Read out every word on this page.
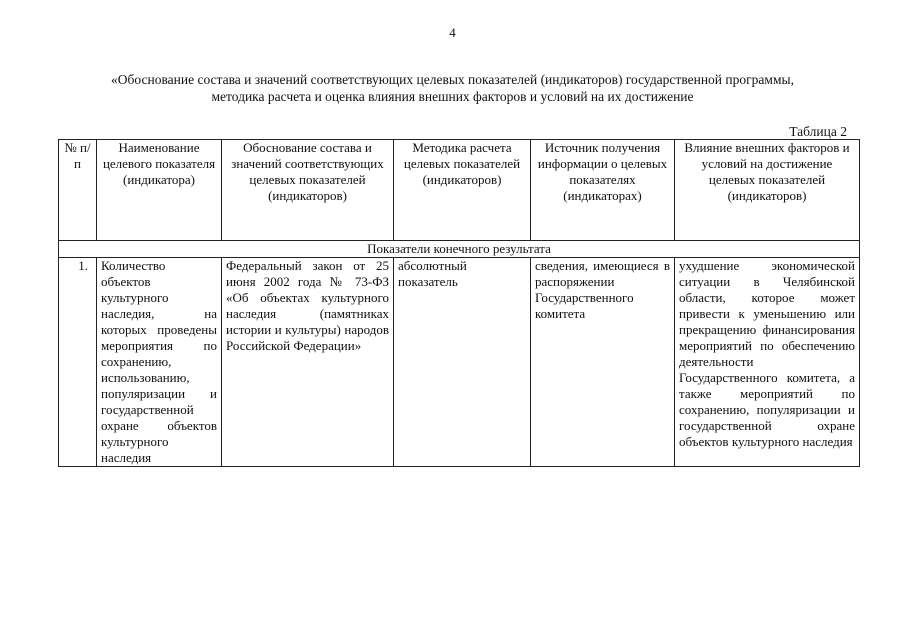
4
«Обоснование состава и значений соответствующих целевых показателей (индикаторов) государственной программы,
методика расчета и оценка влияния внешних факторов и условий на их достижение
Таблица 2
№ п/п	Наименование целевого показателя (индикатора)	Обоснование состава и значений соответствующих целевых показателей (индикаторов)	Методика расчета целевых показателей (индикаторов)	Источник получения информации о целевых показателях (индикаторах)	Влияние внешних факторов и условий на достижение целевых показателей (индикаторов)
Показатели конечного результата					
1.	Количество объектов культурного наследия, на которых проведены мероприятия по сохранению, использованию, популяризации и государственной охране объектов культурного наследия	Федеральный закон от 25 июня 2002 года № 73-ФЗ «Об объектах культурного наследия (памятниках истории и культуры) народов Российской Федерации»	абсолютный показатель	сведения, имеющиеся в распоряжении Государственного комитета	ухудшение экономической ситуации в Челябинской области, которое может привести к уменьшению или прекращению финансирования мероприятий по обеспечению деятельности Государственного комитета, а также мероприятий по сохранению, популяризации и государственной охране объектов культурного наследия
